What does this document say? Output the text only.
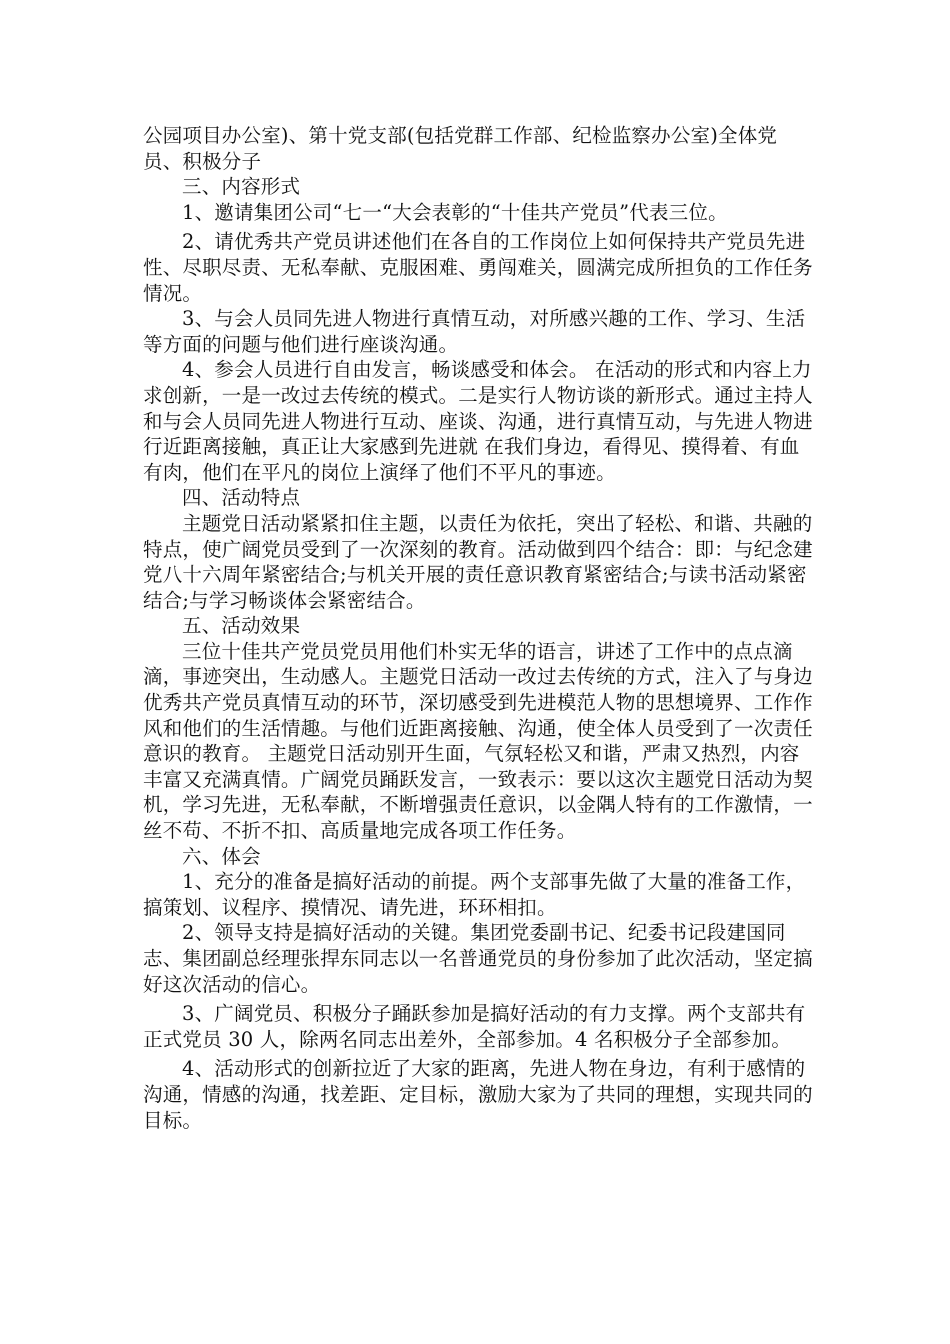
公园项目办公室)、第十党支部(包括党群工作部、纪检监察办公室)全体党员、积极分子

三、内容形式

1、邀请集团公司“七一“大会表彰的“十佳共产党员”代表三位。

2、请优秀共产党员讲述他们在各自的工作岗位上如何保持共产党员先进性、尽职尽责、无私奉献、克服困难、勇闯难关，圆满完成所担负的工作任务情况。

3、与会人员同先进人物进行真情互动，对所感兴趣的工作、学习、生活等方面的问题与他们进行座谈沟通。

4、参会人员进行自由发言，畅谈感受和体会。 在活动的形式和内容上力求创新，一是一改过去传统的模式。二是实行人物访谈的新形式。通过主持人和与会人员同先进人物进行互动、座谈、沟通，进行真情互动，与先进人物进行近距离接触，真正让大家感到先进就 在我们身边，看得见、摸得着、有血有肉，他们在平凡的岗位上演绎了他们不平凡的事迹。

四、活动特点

主题党日活动紧紧扣住主题，以责任为依托，突出了轻松、和谐、共融的特点，使广阔党员受到了一次深刻的教育。活动做到四个结合：即：与纪念建党八十六周年紧密结合;与机关开展的责任意识教育紧密结合;与读书活动紧密结合;与学习畅谈体会紧密结合。

五、活动效果

三位十佳共产党员党员用他们朴实无华的语言，讲述了工作中的点点滴滴，事迹突出，生动感人。主题党日活动一改过去传统的方式，注入了与身边优秀共产党员真情互动的环节，深切感受到先进模范人物的思想境界、工作作风和他们的生活情趣。与他们近距离接触、沟通，使全体人员受到了一次责任意识的教育。 主题党日活动别开生面，气氛轻松又和谐，严肃又热烈，内容丰富又充满真情。广阔党员踊跃发言，一致表示：要以这次主题党日活动为契机，学习先进，无私奉献，不断增强责任意识，以金隅人特有的工作激情，一丝不苟、不折不扣、高质量地完成各项工作任务。

六、体会

1、充分的准备是搞好活动的前提。两个支部事先做了大量的准备工作，搞策划、议程序、摸情况、请先进，环环相扣。

2、领导支持是搞好活动的关键。集团党委副书记、纪委书记段建国同志、集团副总经理张捍东同志以一名普通党员的身份参加了此次活动，坚定搞好这次活动的信心。

3、广阔党员、积极分子踊跃参加是搞好活动的有力支撑。两个支部共有正式党员 30 人，除两名同志出差外，全部参加。4 名积极分子全部参加。

4、活动形式的创新拉近了大家的距离，先进人物在身边，有利于感情的沟通，情感的沟通，找差距、定目标，激励大家为了共同的理想，实现共同的目标。
